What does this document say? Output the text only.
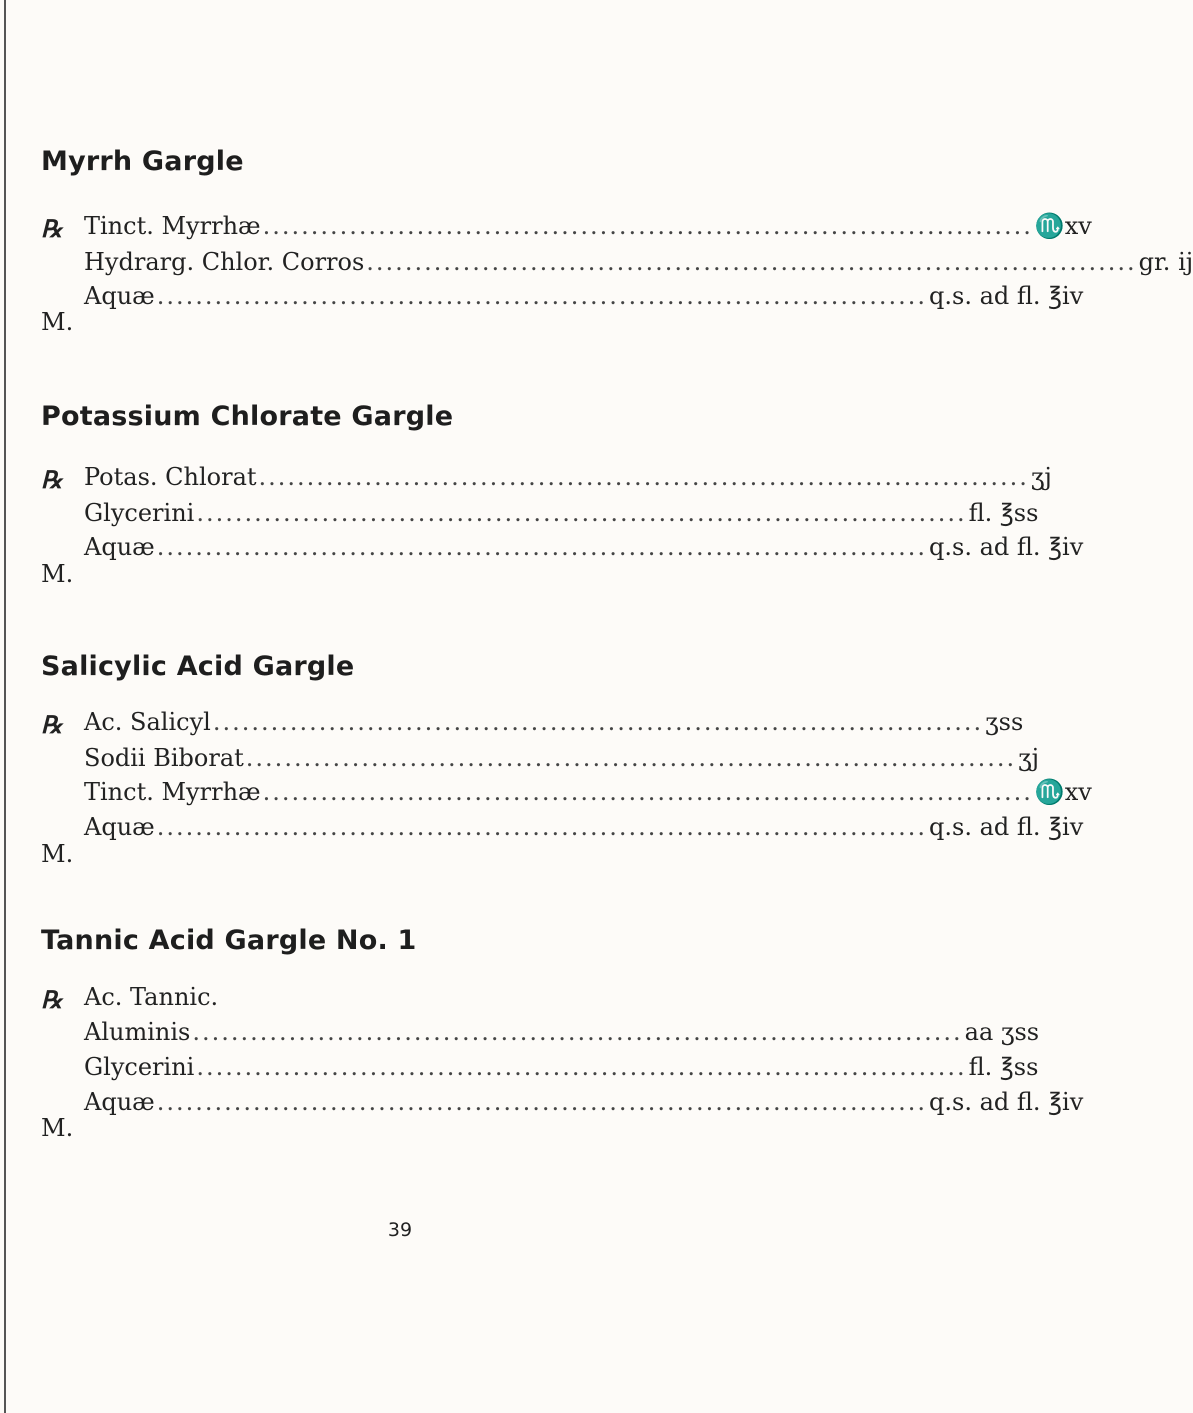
Myrrh Gargle
℞ Tinct. Myrrhæ ................................................................................ ♏xv
Hydrarg. Chlor. Corros ................................................................................ gr. ij
Aquæ ................................................................................ q.s. ad fl. ℥iv
M.
Potassium Chlorate Gargle
℞ Potas. Chlorat ................................................................................ ʒj
Glycerini ................................................................................ fl. ℥ss
Aquæ ................................................................................ q.s. ad fl. ℥iv
M.
Salicylic Acid Gargle
℞ Ac. Salicyl ................................................................................ ʒss
Sodii Biborat ................................................................................ ʒj
Tinct. Myrrhæ ................................................................................ ♏xv
Aquæ ................................................................................ q.s. ad fl. ℥iv
M.
Tannic Acid Gargle No. 1
℞ Ac. Tannic.
Aluminis ................................................................................ aa ʒss
Glycerini ................................................................................ fl. ℥ss
Aquæ ................................................................................ q.s. ad fl. ℥iv
M.
39
